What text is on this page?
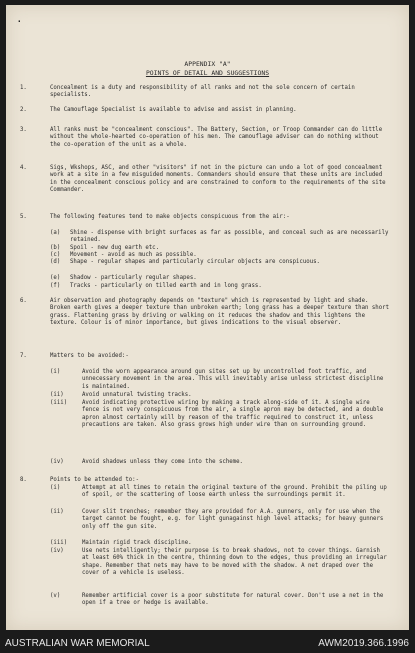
·
APPENDIX "A"
POINTS OF DETAIL AND SUGGESTIONS
1.	Concealment is a duty and responsibility of all ranks and not the sole concern of certain specialists.
2.	The Camouflage Specialist is available to advise and assist in planning.
3.	All ranks must be "concealment conscious". The Battery, Section, or Troop Commander can do little without the whole-hearted co-operation of his men. The camouflage adviser can do nothing without the co-operation of the unit as a whole.
4.	Sigs, Wkshops, ASC, and other "visitors" if not in the picture can undo a lot of good concealment work at a site in a few misguided moments. Commanders should ensure that these units are included in the concealment conscious policy and are constrained to conform to the requirements of the site Commander.
5.	The following features tend to make objects conspicuous from the air:-
(a) Shine - dispense with bright surfaces as far as possible, and conceal such as are necessarily retained.
(b) Spoil - new dug earth etc.
(c) Movement - avoid as much as possible.
(d) Shape - regular shapes and particularly circular objects are conspicuous.
(e) Shadow - particularly regular shapes.
(f) Tracks - particularly on tilled earth and in long grass.
6.	Air observation and photography depends on "texture" which is represented by light and shade. Broken earth gives a deeper texture than unbroken earth; long grass has a deeper texture than short grass. Flattening grass by driving or walking on it reduces the shadow and this lightens the texture. Colour is of minor importance, but gives indications to the visual observer.
7.	Matters to be avoided:-
(i)	Avoid the worn appearance around gun sites set up by uncontrolled foot traffic, and unnecessary movement in the area. This will inevitably arise unless strictest discipline is maintained.
(ii)	Avoid unnatural twisting tracks.
(iii)	Avoid indicating protective wiring by making a track along-side of it. A single wire fence is not very conspicuous from the air, a single apron may be detected, and a double apron almost certainly will by reason of the traffic required to construct it, unless precautions are taken. Also grass grows high under wire than on surrounding ground.
(iv)	Avoid shadows unless they come into the scheme.
8.	Points to be attended to:-
(i)	Attempt at all times to retain the original texture of the ground. Prohibit the piling up of spoil, or the scattering of loose earth unless the surroundings permit it.
(ii)	Cover slit trenches; remember they are provided for A.A. gunners, only for use when the target cannot be fought, e.g. for light gunagainst high level attacks; for heavy gunners only off the gun site.
(iii)	Maintain rigid track discipline.
(iv)	Use nets intelligently; their purpose is to break shadows, not to cover things. Garnish at least 60% thick in the centre, thinning down to the edges, thus providing an irregular shape. Remember that nets may have to be moved with the shadow. A net draped over the cover of a vehicle is useless.
(v)	Remember artificial cover is a poor substitute for natural cover. Don't use a net in the open if a tree or hedge is available.
AUSTRALIAN WAR MEMORIAL	AWM2019.366.1996
